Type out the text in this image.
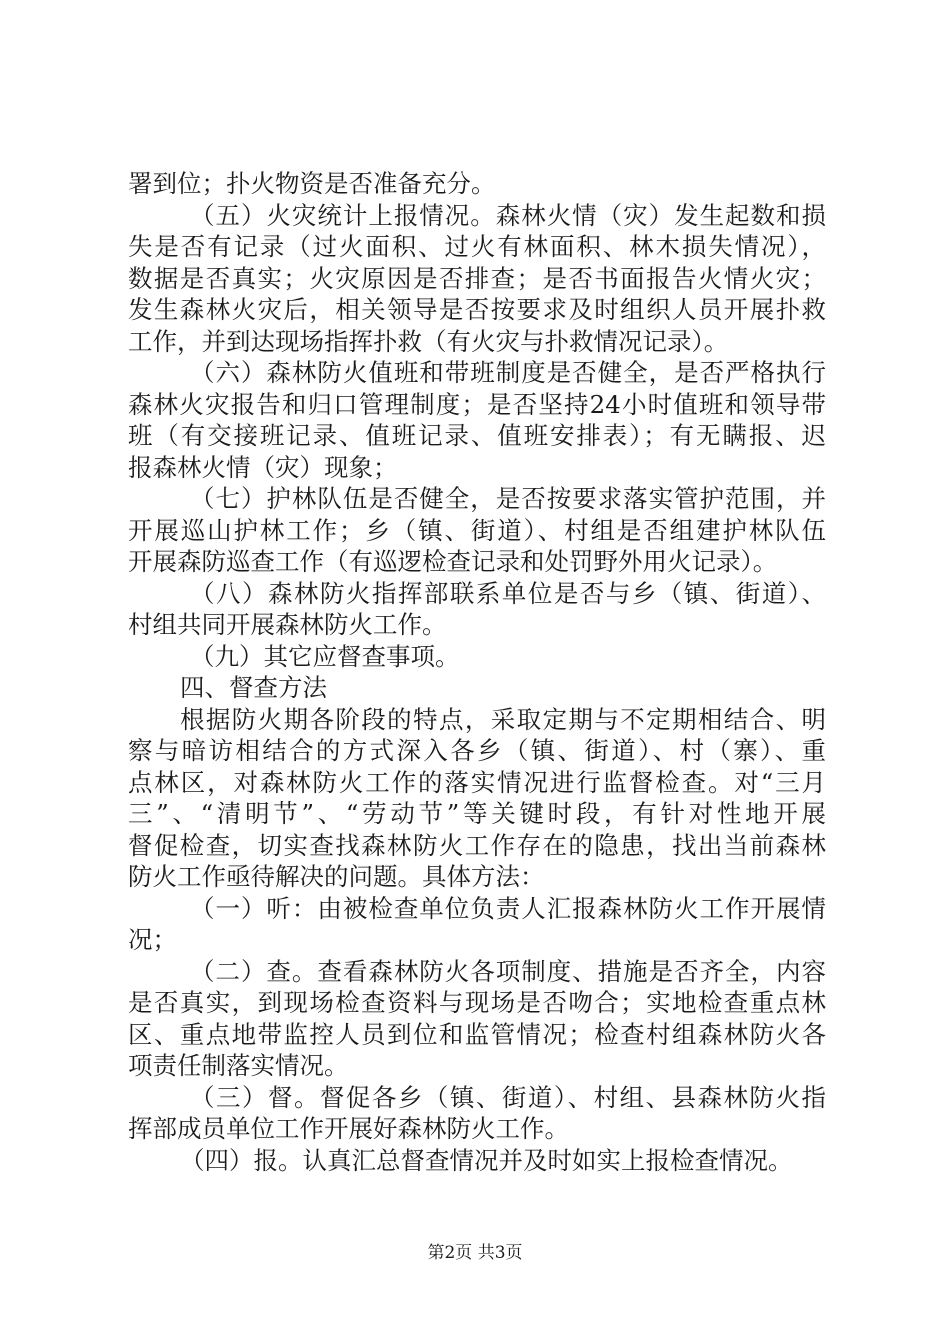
署到位；扑火物资是否准备充分。
（五）火灾统计上报情况。森林火情（灾）发生起数和损
失是否有记录（过火面积、过火有林面积、林木损失情况），
数据是否真实；火灾原因是否排查；是否书面报告火情火灾；
发生森林火灾后，相关领导是否按要求及时组织人员开展扑救
工作，并到达现场指挥扑救（有火灾与扑救情况记录）。
（六）森林防火值班和带班制度是否健全，是否严格执行
森林火灾报告和归口管理制度；是否坚持24小时值班和领导带
班（有交接班记录、值班记录、值班安排表）；有无瞒报、迟
报森林火情（灾）现象；
（七）护林队伍是否健全，是否按要求落实管护范围，并
开展巡山护林工作；乡（镇、街道）、村组是否组建护林队伍
开展森防巡查工作（有巡逻检查记录和处罚野外用火记录）。
（八）森林防火指挥部联系单位是否与乡（镇、街道）、
村组共同开展森林防火工作。
（九）其它应督查事项。
四、督查方法
根据防火期各阶段的特点，采取定期与不定期相结合、明
察与暗访相结合的方式深入各乡（镇、街道）、村（寨）、重
点林区，对森林防火工作的落实情况进行监督检查。对“三月
三”、“清明节”、“劳动节”等关键时段，有针对性地开展
督促检查，切实查找森林防火工作存在的隐患，找出当前森林
防火工作亟待解决的问题。具体方法：
（一）听：由被检查单位负责人汇报森林防火工作开展情
况；
（二）查。查看森林防火各项制度、措施是否齐全，内容
是否真实，到现场检查资料与现场是否吻合；实地检查重点林
区、重点地带监控人员到位和监管情况；检查村组森林防火各
项责任制落实情况。
（三）督。督促各乡（镇、街道）、村组、县森林防火指
挥部成员单位工作开展好森林防火工作。
（四）报。认真汇总督查情况并及时如实上报检查情况。
第2页 共3页
